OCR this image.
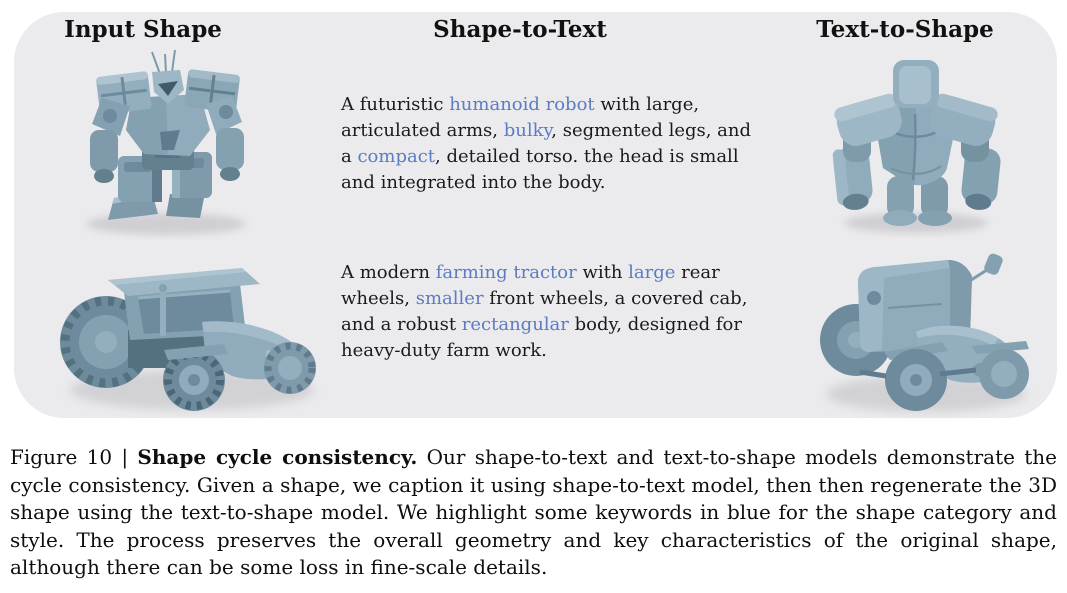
Input Shape	Shape-to-Text	Text-to-Shape
A futuristic humanoid robot with large, articulated arms, bulky, segmented legs, and a compact, detailed torso. the head is small and integrated into the body.
A modern farming tractor with large rear wheels, smaller front wheels, a covered cab, and a robust rectangular body, designed for heavy-duty farm work.
Figure 10 | Shape cycle consistency. Our shape-to-text and text-to-shape models demonstrate the cycle consistency. Given a shape, we caption it using shape-to-text model, then then regenerate the 3D shape using the text-to-shape model. We highlight some keywords in blue for the shape category and style. The process preserves the overall geometry and key characteristics of the original shape, although there can be some loss in fine-scale details.
